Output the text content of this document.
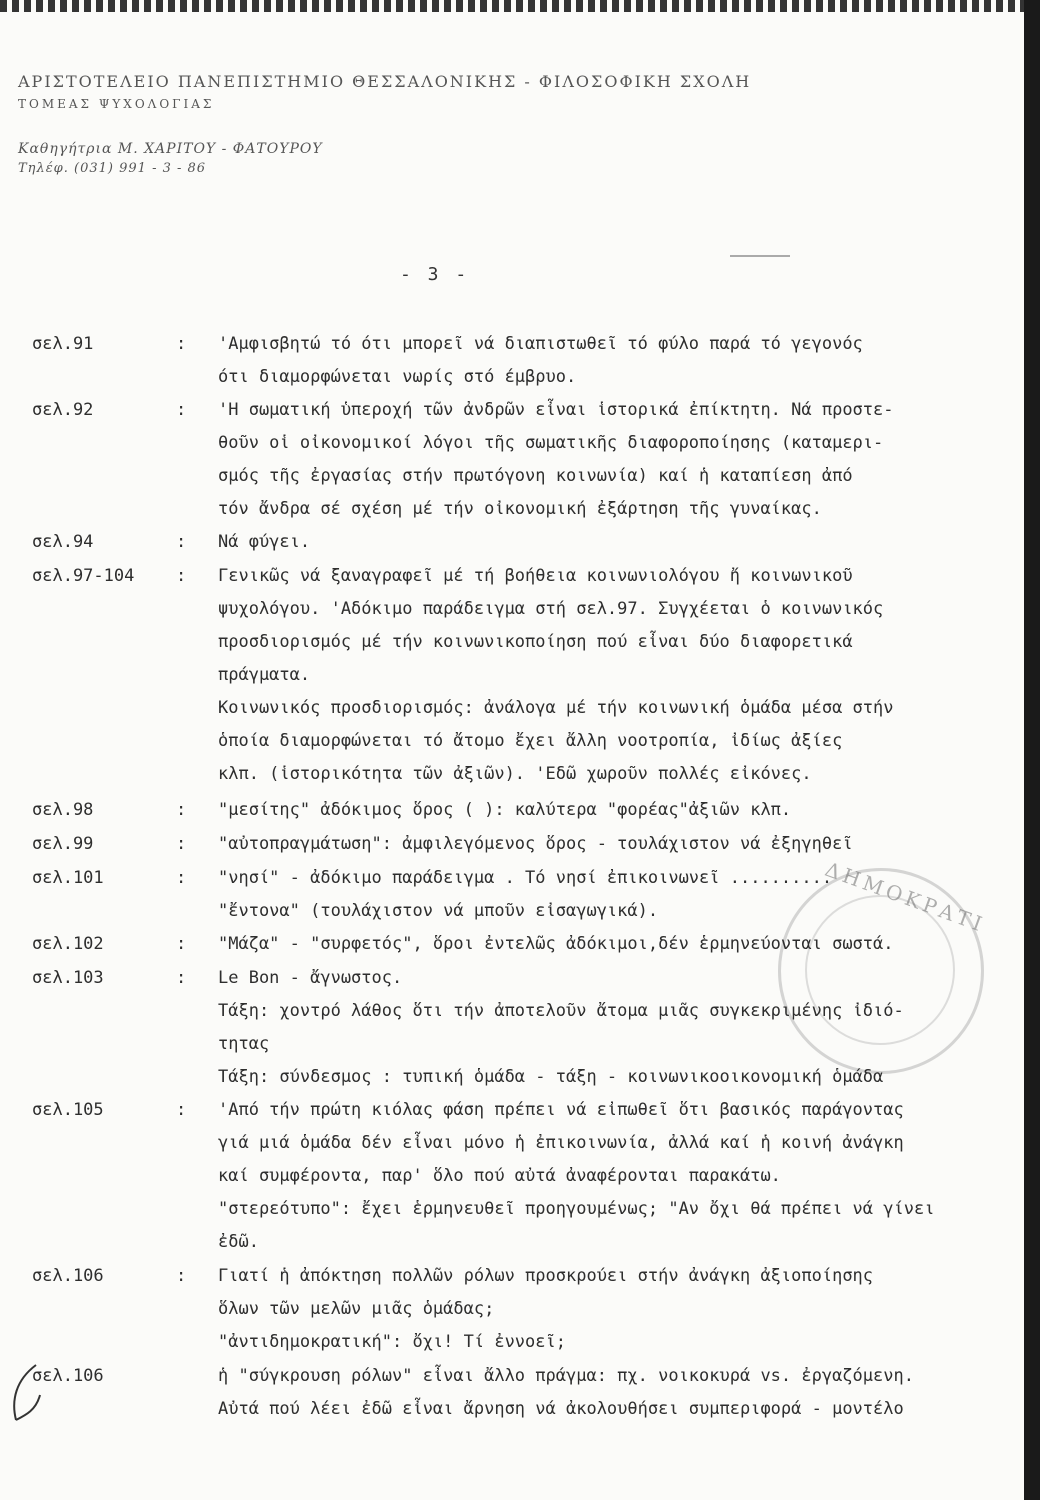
ΑΡΙΣΤΟΤΕΛΕΙΟ ΠΑΝΕΠΙΣΤΗΜΙΟ ΘΕΣΣΑΛΟΝΙΚΗΣ - ΦΙΛΟΣΟΦΙΚΗ ΣΧΟΛΗ
ΤΟΜΕΑΣ ΨΥΧΟΛΟΓΙΑΣ
Καθηγήτρια Μ. ΧΑΡΙΤΟΥ - ΦΑΤΟΥΡΟΥ
Τηλέφ. (031) 991 - 3 - 86
- 3 -
ΔΗΜΟΚΡΑΤΙ
σελ.91	: 'Αμφισβητώ τό ότι μπορεῖ νά διαπιστωθεῖ τό φύλο παρά τό γεγονός
ότι διαμορφώνεται νωρίς στό έμβρυο.
σελ.92	: 'Η σωματική ὑπεροχή τῶν ἀνδρῶν εἶναι ἱστορικά ἐπίκτητη. Νά προστε-
θοῦν οἱ οἰκονομικοί λόγοι τῆς σωματικῆς διαφοροποίησης (καταμερι-
σμός τῆς ἐργασίας στήν πρωτόγονη κοινωνία) καί ἡ καταπίεση ἀπό
τόν ἄνδρα σέ σχέση μέ τήν οἰκονομική ἐξάρτηση τῆς γυναίκας.
σελ.94	: Νά φύγει.
σελ.97-104 : Γενικῶς νά ξαναγραφεῖ μέ τή βοήθεια κοινωνιολόγου ἤ κοινωνικοῦ
ψυχολόγου. 'Αδόκιμο παράδειγμα στή σελ.97. Συγχέεται ὁ κοινωνικός
προσδιορισμός μέ τήν κοινωνικοποίηση πού εἶναι δύο διαφορετικά
πράγματα.
Κοινωνικός προσδιορισμός: ἀνάλογα μέ τήν κοινωνική ὁμάδα μέσα στήν
ὁποία διαμορφώνεται τό ἄτομο ἔχει ἄλλη νοοτροπία, ἰδίως ἀξίες
κλπ. (ἱστορικότητα τῶν ἀξιῶν). 'Εδῶ χωροῦν πολλές εἰκόνες.
σελ.98	: "μεσίτης" ἀδόκιμος ὅρος ( ): καλύτερα "φορέας"ἀξιῶν κλπ.
σελ.99	: "αὐτοπραγμάτωση": ἀμφιλεγόμενος ὅρος - τουλάχιστον νά ἐξηγηθεῖ
σελ.101	: "νησί" - ἀδόκιμο παράδειγμα . Τό νησί ἐπικοινωνεῖ ..........
"ἔντονα" (τουλάχιστον νά μποῦν εἰσαγωγικά).
σελ.102	: "Μάζα" - "συρφετός", ὅροι ἐντελῶς ἀδόκιμοι,δέν ἑρμηνεύονται σωστά.
σελ.103	: Le Bon - ἄγνωστος.
Τάξη: χοντρό λάθος ὅτι τήν ἀποτελοῦν ἄτομα μιᾶς συγκεκριμένης ἰδιό-
τητας
Τάξη: σύνδεσμος : τυπική ὁμάδα - τάξη - κοινωνικοοικονομική ὁμάδα
σελ.105	: 'Από τήν πρώτη κιόλας φάση πρέπει νά εἰπωθεῖ ὅτι βασικός παράγοντας
γιά μιά ὁμάδα δέν εἶναι μόνο ἡ ἐπικοινωνία, ἀλλά καί ἡ κοινή ἀνάγκη
καί συμφέροντα, παρ' ὅλο πού αὐτά ἀναφέρονται παρακάτω.
"στερεότυπο": ἔχει ἑρμηνευθεῖ προηγουμένως; "Αν ὄχι θά πρέπει νά γίνει
ἐδῶ.
σελ.106	: Γιατί ἡ ἀπόκτηση πολλῶν ρόλων προσκρούει στήν ἀνάγκη ἀξιοποίησης
ὅλων τῶν μελῶν μιᾶς ὁμάδας;
"ἀντιδημοκρατική": ὄχι! Τί ἐννοεῖ;
σελ.106	ἡ "σύγκρουση ρόλων" εἶναι ἄλλο πράγμα: πχ. νοικοκυρά vs. ἐργαζόμενη.
Αὐτά πού λέει ἐδῶ εἶναι ἄρνηση νά ἀκολουθήσει συμπεριφορά - μοντέλο
